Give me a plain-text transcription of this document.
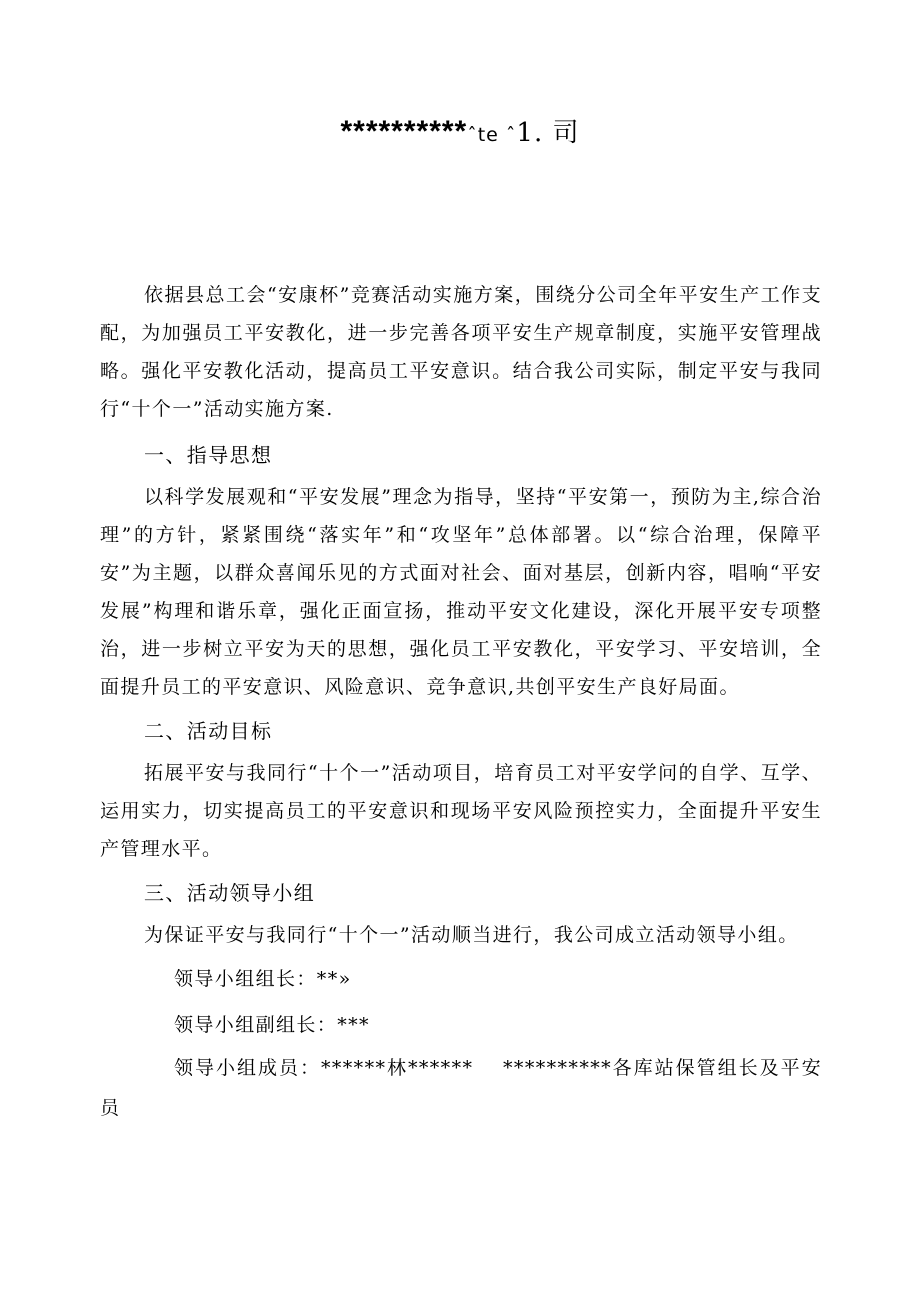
**********ˆte ˆ1. 司

依据县总工会“安康杯”竞赛活动实施方案，围绕分公司全年平安生产工作支配，为加强员工平安教化，进一步完善各项平安生产规章制度，实施平安管理战略。强化平安教化活动，提高员工平安意识。结合我公司实际，制定平安与我同行“十个一”活动实施方案.

一、指导思想

以科学发展观和“平安发展”理念为指导，坚持“平安第一，预防为主,综合治理”的方针，紧紧围绕“落实年”和“攻坚年”总体部署。以“综合治理，保障平安”为主题，以群众喜闻乐见的方式面对社会、面对基层，创新内容，唱响“平安发展”构理和谐乐章，强化正面宣扬，推动平安文化建设，深化开展平安专项整治，进一步树立平安为天的思想，强化员工平安教化，平安学习、平安培训，全面提升员工的平安意识、风险意识、竞争意识,共创平安生产良好局面。

二、活动目标

拓展平安与我同行“十个一”活动项目，培育员工对平安学问的自学、互学、运用实力，切实提高员工的平安意识和现场平安风险预控实力，全面提升平安生产管理水平。

三、活动领导小组

为保证平安与我同行“十个一”活动顺当进行，我公司成立活动领导小组。

领导小组组长：**»

领导小组副组长：***

领导小组成员：******林******　 **********各库站保管组长及平安员
